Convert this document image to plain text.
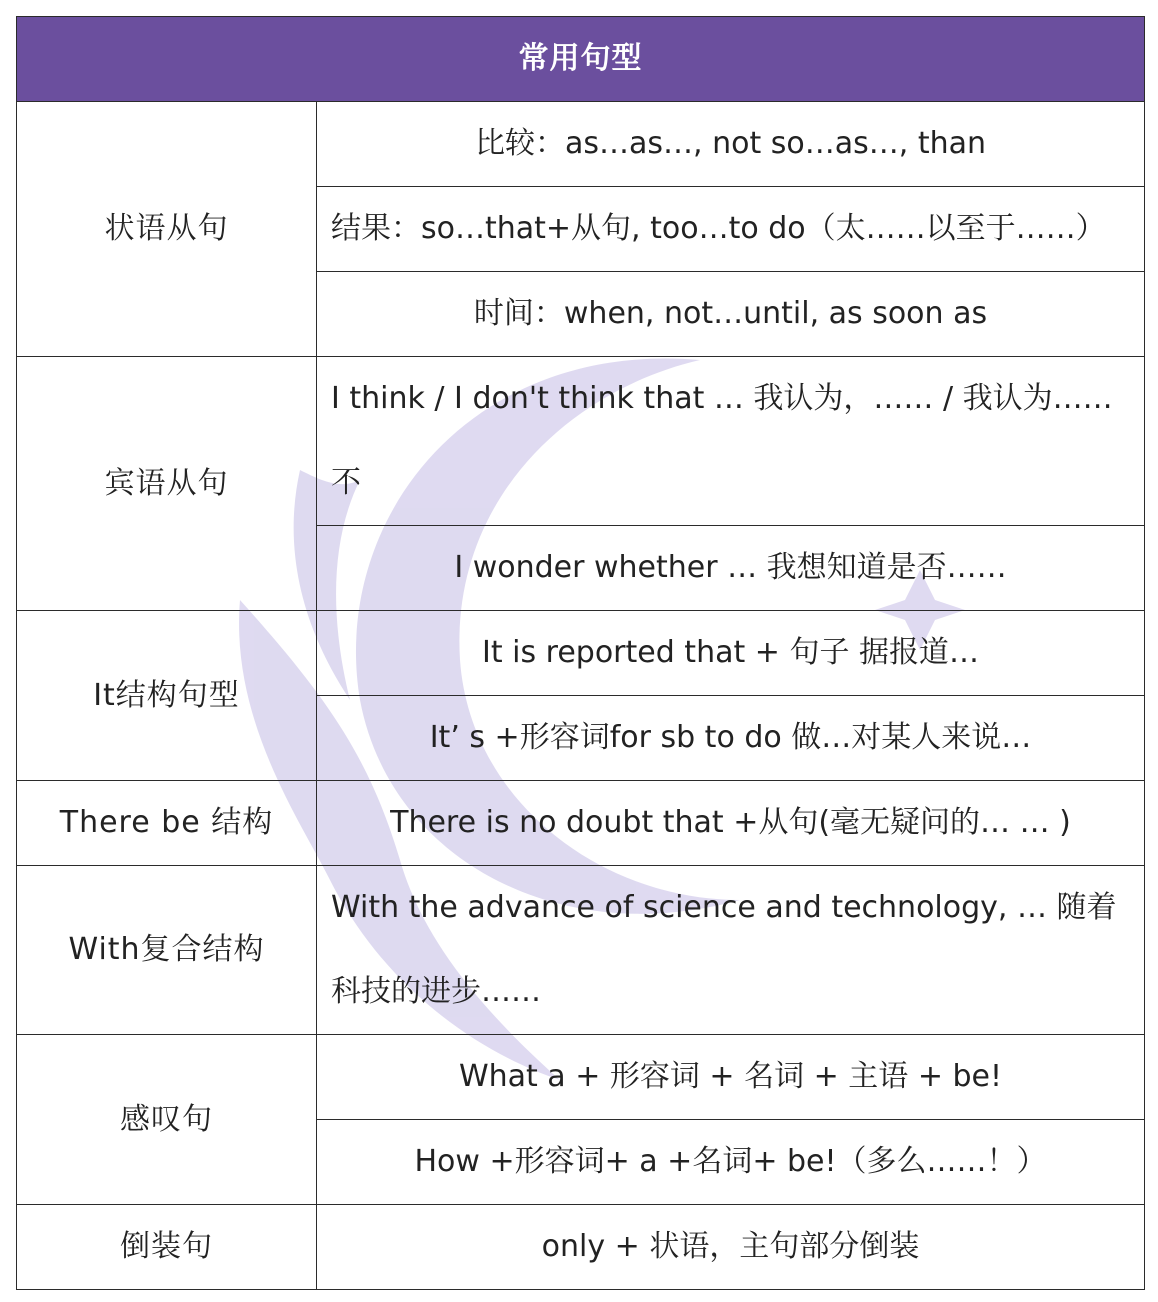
常用句型	
状语从句	比较：as…as…, not so…as…, than
	结果：so…that+从句, too…to do（太……以至于……）
	时间：when, not…until, as soon as
宾语从句	I think / I don't think that … 我认为，…… / 我认为……不
	I wonder whether … 我想知道是否……
It结构句型	It is reported that + 句子 据报道…
	It’ s +形容词for sb to do 做…对某人来说…
There be 结构	There is no doubt that +从句(毫无疑问的… … )
With复合结构	With the advance of science and technology, … 随着科技的进步……
感叹句	What a + 形容词 + 名词 + 主语 + be!
	How +形容词+ a +名词+ be!（多么……！）
倒装句	only + 状语，主句部分倒装
